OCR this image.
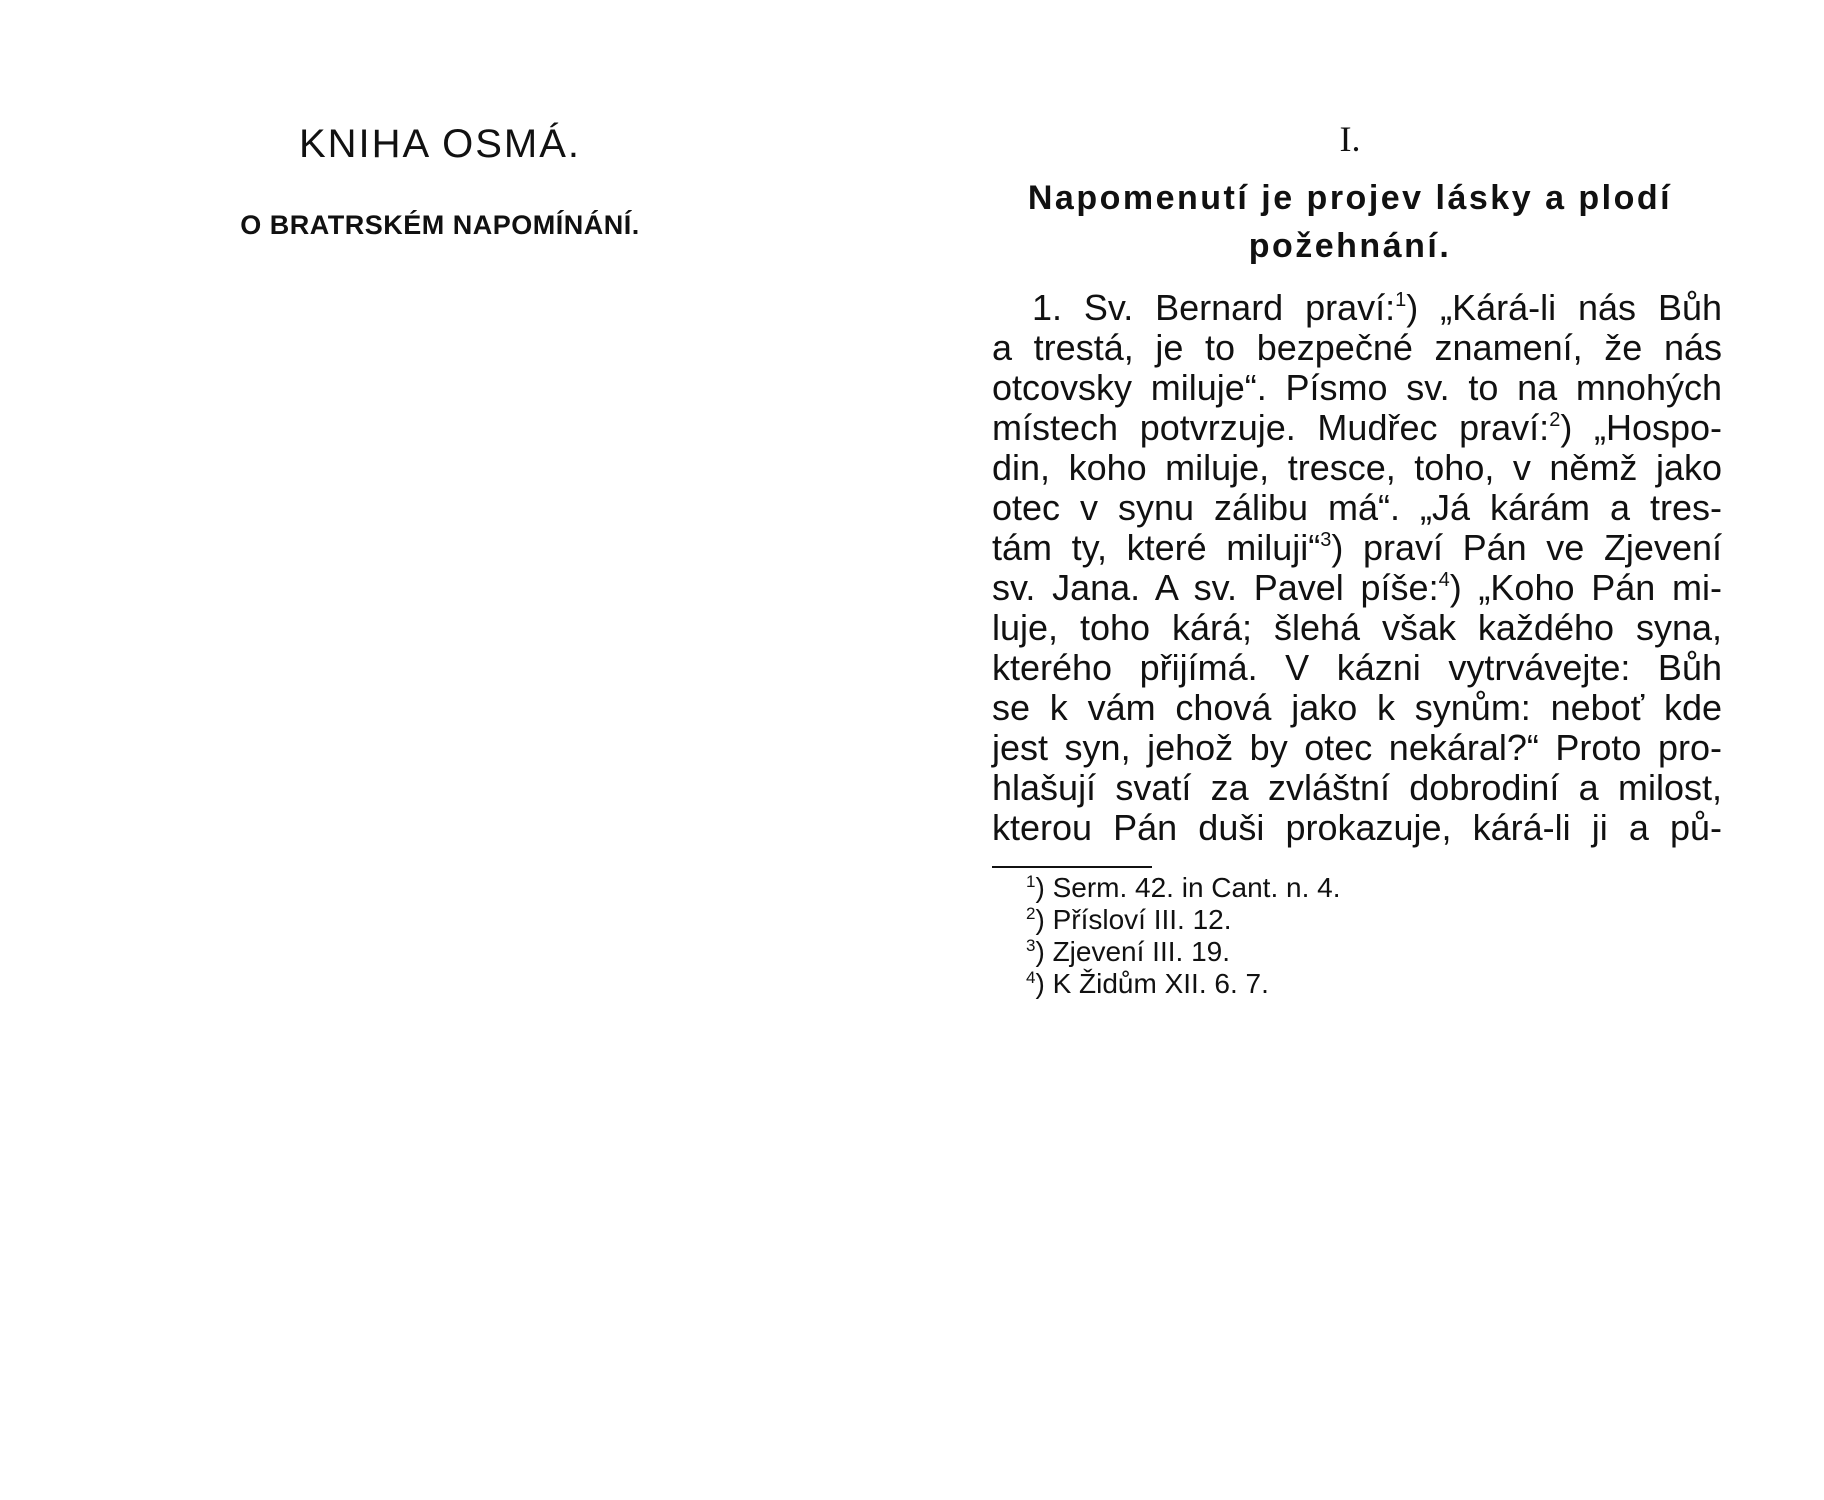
KNIHA OSMÁ.
O BRATRSKÉM NAPOMÍNÁNÍ.
I.
Napomenutí je projev lásky a plodí požehnání.
1. Sv. Bernard praví:$^1$) „Kárá-li nás Bůh
a trestá, je to bezpečné znamení, že nás
otcovsky miluje“. Písmo sv. to na mnohých
místech potvrzuje. Mudřec praví:$^2$) „Hospo-
din, koho miluje, tresce, toho, v němž jako
otec v synu zálibu má“. „Já kárám a tres-
tám ty, které miluji“$^3$) praví Pán ve Zjevení
sv. Jana. A sv. Pavel píše:$^4$) „Koho Pán mi-
luje, toho kárá; šlehá však každého syna,
kterého přijímá. V kázni vytrvávejte: Bůh
se k vám chová jako k synům: neboť kde
jest syn, jehož by otec nekáral?“ Proto pro-
hlašují svatí za zvláštní dobrodiní a milost,
kterou Pán duši prokazuje, kárá-li ji a pů-
$^1$) Serm. 42. in Cant. n. 4.
$^2$) Přísloví III. 12.
$^3$) Zjevení III. 19.
$^4$) K Židům XII. 6. 7.
